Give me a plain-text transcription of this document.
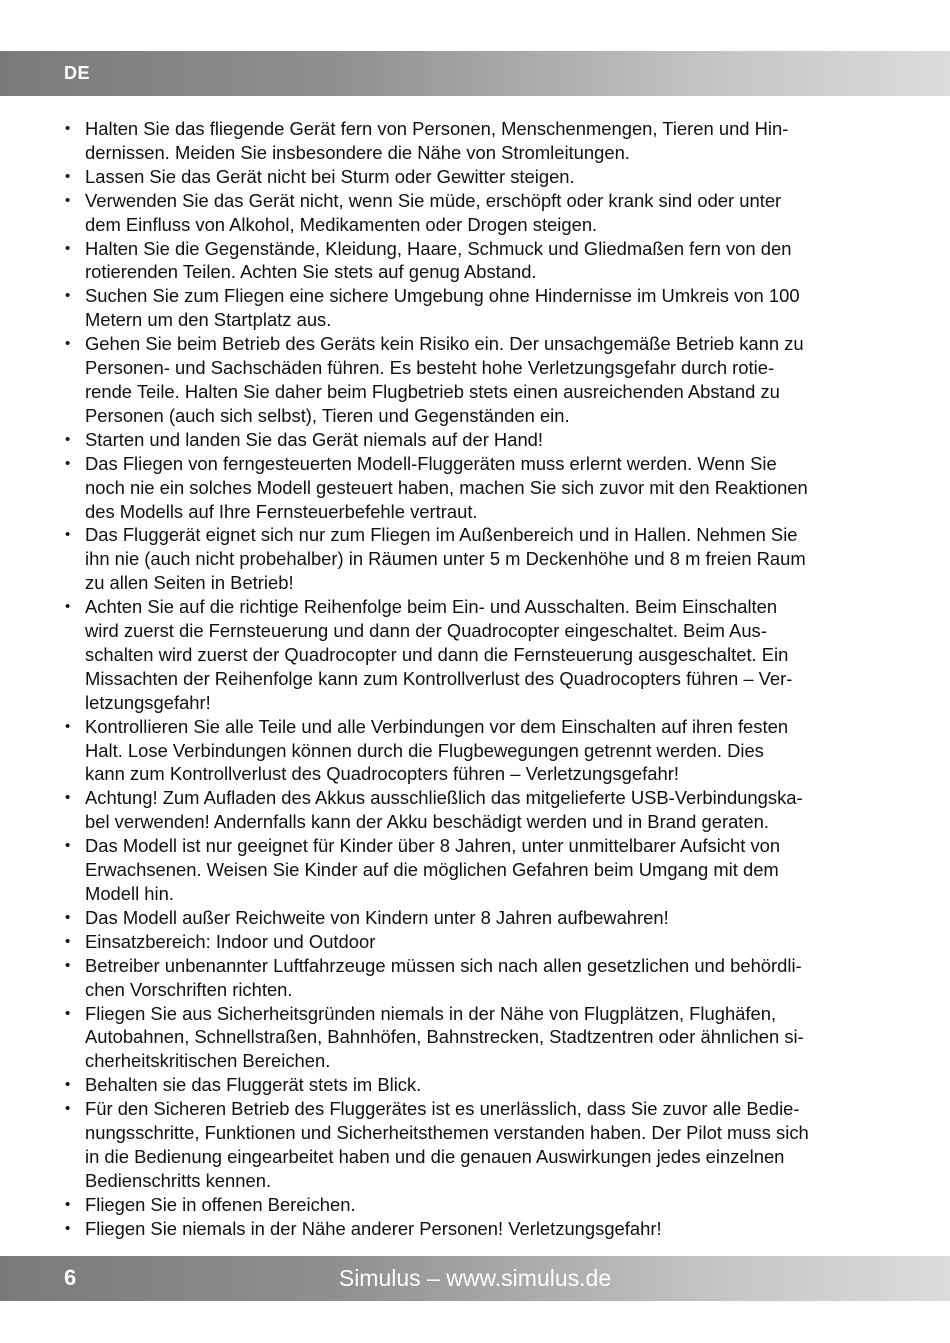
DE
• Halten Sie das fliegende Gerät fern von Personen, Menschenmengen, Tieren und Hin-
dernissen. Meiden Sie insbesondere die Nähe von Stromleitungen.
• Lassen Sie das Gerät nicht bei Sturm oder Gewitter steigen.
• Verwenden Sie das Gerät nicht, wenn Sie müde, erschöpft oder krank sind oder unter
dem Einfluss von Alkohol, Medikamenten oder Drogen steigen.
• Halten Sie die Gegenstände, Kleidung, Haare, Schmuck und Gliedmaßen fern von den
rotierenden Teilen. Achten Sie stets auf genug Abstand.
• Suchen Sie zum Fliegen eine sichere Umgebung ohne Hindernisse im Umkreis von 100
Metern um den Startplatz aus.
• Gehen Sie beim Betrieb des Geräts kein Risiko ein. Der unsachgemäße Betrieb kann zu
Personen- und Sachschäden führen. Es besteht hohe Verletzungsgefahr durch rotie-
rende Teile. Halten Sie daher beim Flugbetrieb stets einen ausreichenden Abstand zu
Personen (auch sich selbst), Tieren und Gegenständen ein.
• Starten und landen Sie das Gerät niemals auf der Hand!
• Das Fliegen von ferngesteuerten Modell-Fluggeräten muss erlernt werden. Wenn Sie
noch nie ein solches Modell gesteuert haben, machen Sie sich zuvor mit den Reaktionen
des Modells auf Ihre Fernsteuerbefehle vertraut.
• Das Fluggerät eignet sich nur zum Fliegen im Außenbereich und in Hallen. Nehmen Sie
ihn nie (auch nicht probehalber) in Räumen unter 5 m Deckenhöhe und 8 m freien Raum
zu allen Seiten in Betrieb!
• Achten Sie auf die richtige Reihenfolge beim Ein- und Ausschalten. Beim Einschalten
wird zuerst die Fernsteuerung und dann der Quadrocopter eingeschaltet. Beim Aus-
schalten wird zuerst der Quadrocopter und dann die Fernsteuerung ausgeschaltet. Ein
Missachten der Reihenfolge kann zum Kontrollverlust des Quadrocopters führen – Ver-
letzungsgefahr!
• Kontrollieren Sie alle Teile und alle Verbindungen vor dem Einschalten auf ihren festen
Halt. Lose Verbindungen können durch die Flugbewegungen getrennt werden. Dies
kann zum Kontrollverlust des Quadrocopters führen – Verletzungsgefahr!
• Achtung! Zum Aufladen des Akkus ausschließlich das mitgelieferte USB-Verbindungska-
bel verwenden! Andernfalls kann der Akku beschädigt werden und in Brand geraten.
• Das Modell ist nur geeignet für Kinder über 8 Jahren, unter unmittelbarer Aufsicht von
Erwachsenen. Weisen Sie Kinder auf die möglichen Gefahren beim Umgang mit dem
Modell hin.
• Das Modell außer Reichweite von Kindern unter 8 Jahren aufbewahren!
• Einsatzbereich: Indoor und Outdoor
• Betreiber unbenannter Luftfahrzeuge müssen sich nach allen gesetzlichen und behördli-
chen Vorschriften richten.
• Fliegen Sie aus Sicherheitsgründen niemals in der Nähe von Flugplätzen, Flughäfen,
Autobahnen, Schnellstraßen, Bahnhöfen, Bahnstrecken, Stadtzentren oder ähnlichen si-
cherheitskritischen Bereichen.
• Behalten sie das Fluggerät stets im Blick.
• Für den Sicheren Betrieb des Fluggerätes ist es unerlässlich, dass Sie zuvor alle Bedie-
nungsschritte, Funktionen und Sicherheitsthemen verstanden haben. Der Pilot muss sich
in die Bedienung eingearbeitet haben und die genauen Auswirkungen jedes einzelnen
Bedienschritts kennen.
• Fliegen Sie in offenen Bereichen.
• Fliegen Sie niemals in der Nähe anderer Personen! Verletzungsgefahr!
6	Simulus – www.simulus.de
